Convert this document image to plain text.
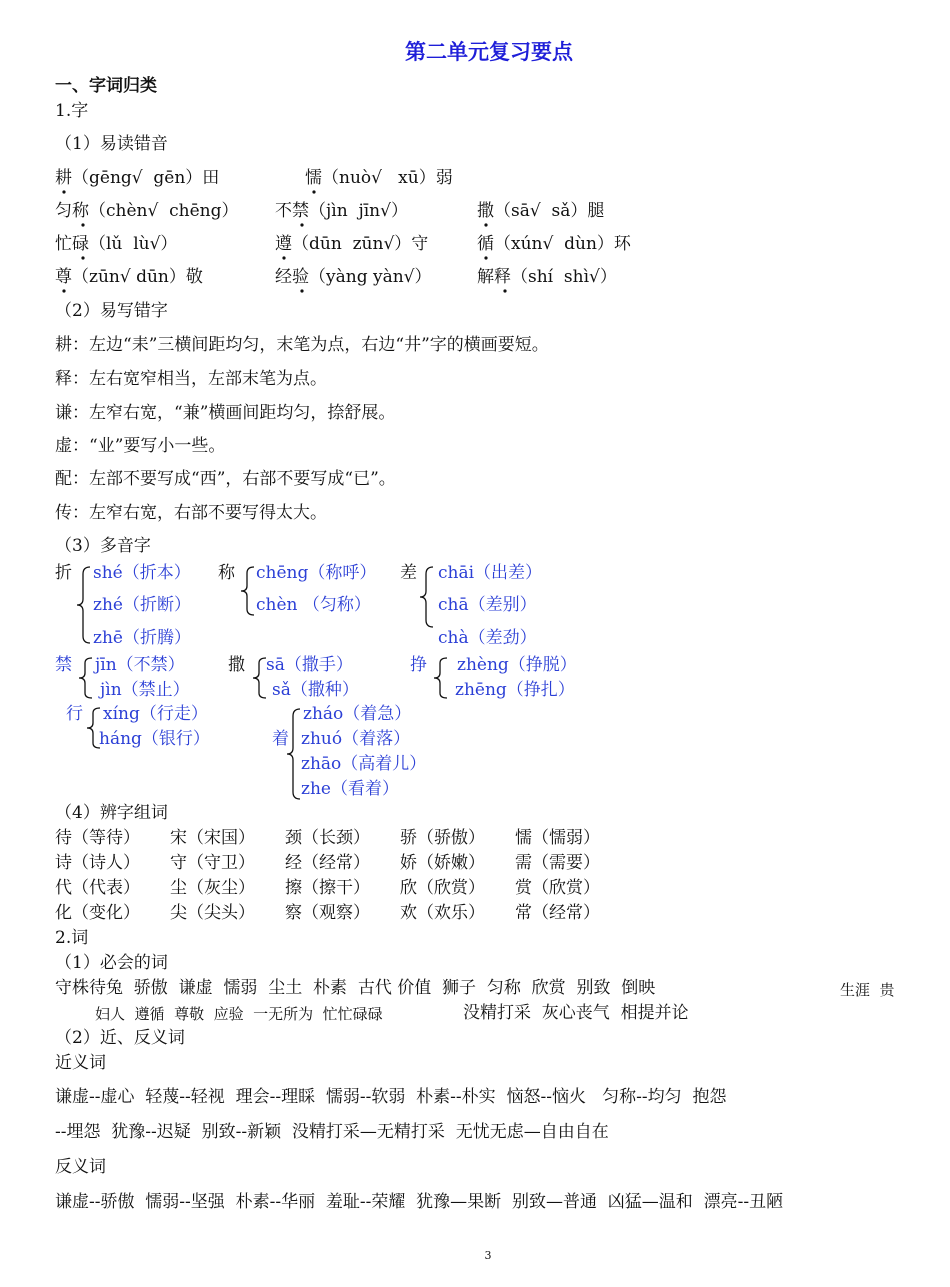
第二单元复习要点
一、字词归类
1.字
（1）易读错音
耕（gēng√  gēn）田	懦（nuò√   xū）弱
匀称（chèn√  chēng） 不禁（jìn  jīn√）	撒（sā√  sǎ）腿
忙碌（lǔ  lù√）	遵（dūn  zūn√）守	循（xún√  dùn）环
尊（zūn√ dūn）敬	经验（yàng yàn√）	解释（shí  shì√）
（2）易写错字
耕：左边“耒”三横间距均匀，末笔为点，右边“井”字的横画要短。
释：左右宽窄相当，左部末笔为点。
谦：左窄右宽，“兼”横画间距均匀，捺舒展。
虚：“业”要写小一些。
配：左部不要写成“西”，右部不要写成“已”。
传：左窄右宽，右部不要写得太大。
（3）多音字
折 shé（折本）
zhé（折断）
zhē（折腾）
称 chēng（称呼）
chèn （匀称）
差 chāi（出差）
chā（差别）
chà（差劲）
禁 jīn（不禁）
jìn（禁止）
撒 sā（撒手）
sǎ（撒种）
挣 zhèng（挣脱）
zhēng（挣扎）
行 xíng（行走）
háng（银行）	着
zháo（着急）
zhuó（着落）
zhāo（高着儿）
zhe（看着）
（4）辨字组词
待（等待） 宋（宋国） 颈（长颈） 骄（骄傲） 懦（懦弱）
诗（诗人） 守（守卫） 经（经常） 娇（娇嫩） 需（需要）
代（代表） 尘（灰尘） 擦（擦干） 欣（欣赏） 赏（欣赏）
化（变化） 尖（尖头） 察（观察） 欢（欢乐） 常（经常）
2.词
（1）必会的词
守株待兔  骄傲  谦虚  懦弱  尘土  朴素  古代 价值  狮子  匀称  欣赏  别致  倒映	生涯  贵
妇人  遵循  尊敬  应验  一无所为  忙忙碌碌	没精打采  灰心丧气  相提并论
（2）近、反义词
近义词
谦虚--虚心  轻蔑--轻视  理会--理睬  懦弱--软弱  朴素--朴实  恼怒--恼火   匀称--均匀  抱怨
--埋怨  犹豫--迟疑  别致--新颖  没精打采—无精打采  无忧无虑—自由自在
反义词
谦虚--骄傲  懦弱--坚强  朴素--华丽  羞耻--荣耀  犹豫—果断  别致—普通  凶猛—温和  漂亮--丑陋
3
